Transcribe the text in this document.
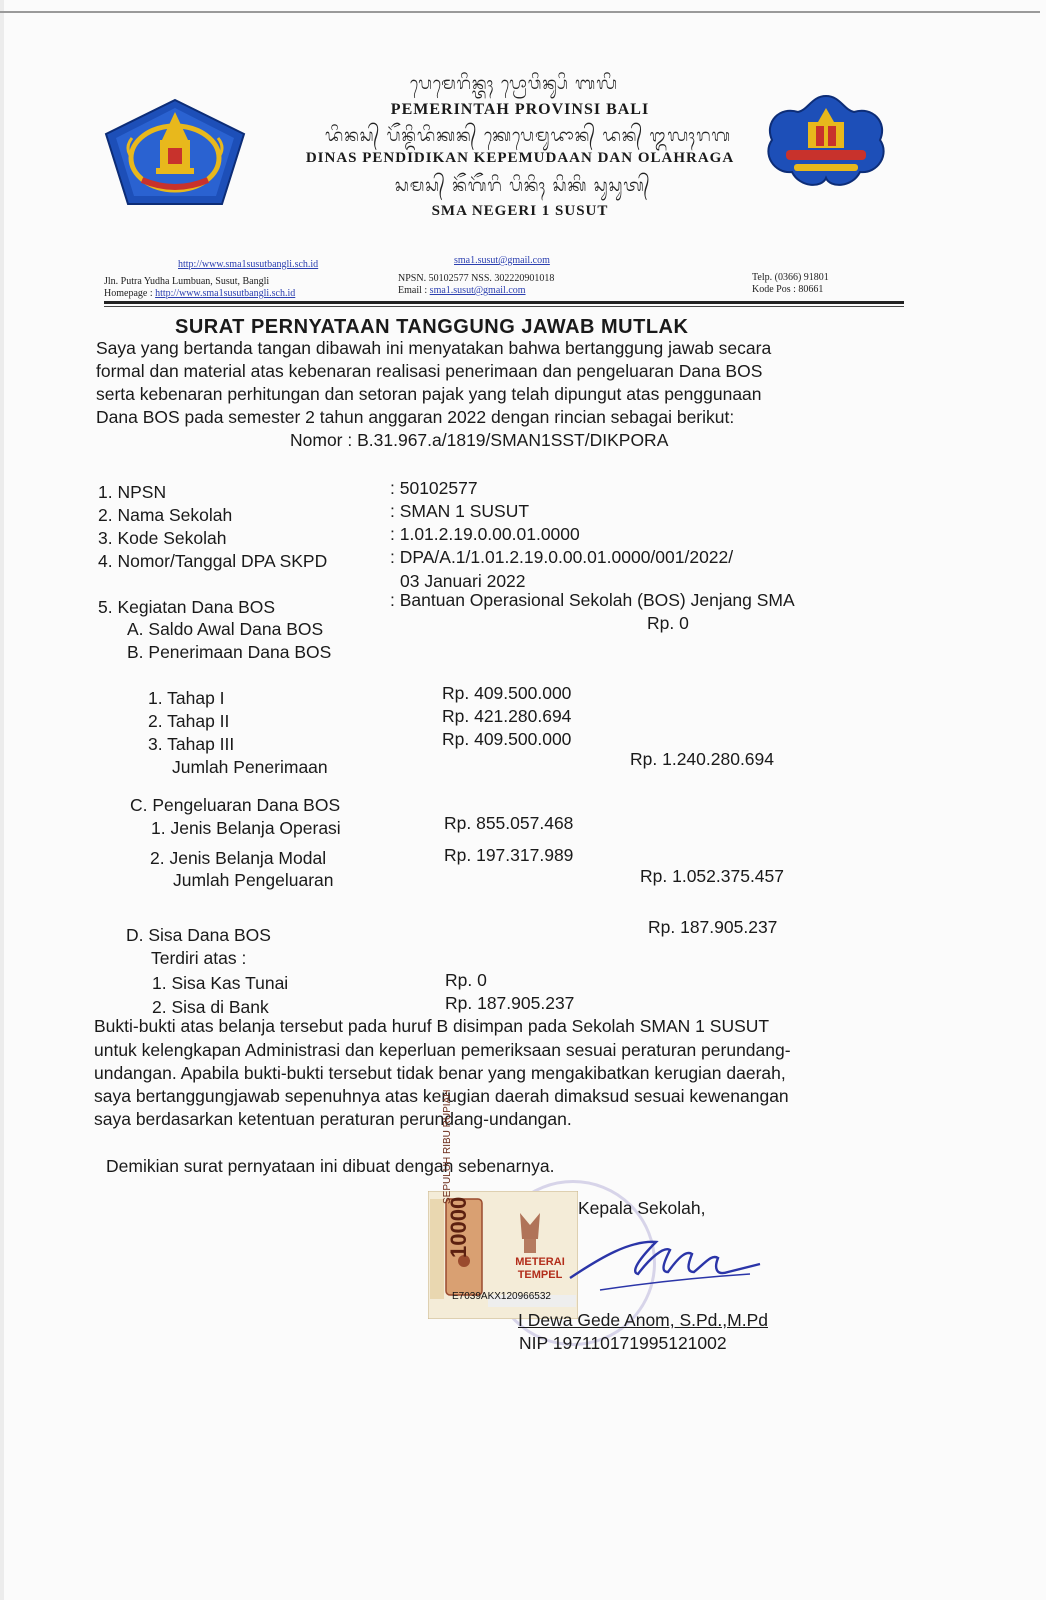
ᬧᬾᬫᬾᬭᬶᬦ᭄ᬢᬄ ᬧ᭄ᬭᭀᬯᬶᬦ᭄ᬲᬶ ᬩᬮᬶ
PEMERINTAH PROVINSI BALI
ᬤᬶᬦᬲ᭄ ᬧᭂᬦ᭄ᬤᬶᬤᬶᬓᬦ᭄ ᬓᬾᬧᬾᬫᬸᬤᬵᬦ᭄ ᬤᬦ᭄ ᬑᬮᬄᬭᬕ
DINAS PENDIDIKAN KEPEMUDAAN DAN OLAHRAGA
ᬲᬫᬲ᭄ ᬦᭂᬕᭂᬭᬶ ᬧᬶᬦᬶᬄ ᬲᬶᬓᬶ ᬲᬸᬲᬸᬢ᭄
SMA NEGERI 1 SUSUT
http://www.sma1susutbangli.sch.id
Jln. Putra Yudha Lumbuan, Susut, Bangli
Homepage : http://www.sma1susutbangli.sch.id
sma1.susut@gmail.com
NPSN. 50102577 NSS. 302220901018
Email : sma1.susut@gmail.com
Telp. (0366) 91801
Kode Pos : 80661
SURAT PERNYATAAN TANGGUNG JAWAB MUTLAK
Saya yang bertanda tangan dibawah ini menyatakan bahwa bertanggung jawab secara
formal dan material atas kebenaran realisasi penerimaan dan pengeluaran Dana BOS
serta kebenaran perhitungan dan setoran pajak yang telah dipungut atas penggunaan
Dana BOS pada semester 2 tahun anggaran 2022 dengan rincian sebagai berikut:
Nomor : B.31.967.a/1819/SMAN1SST/DIKPORA
1. NPSN	: 50102577
2. Nama Sekolah	: SMAN 1 SUSUT
3. Kode Sekolah	: 1.01.2.19.0.00.01.0000
4. Nomor/Tanggal DPA SKPD	: DPA/A.1/1.01.2.19.0.00.01.0000/001/2022/
03 Januari 2022
5. Kegiatan Dana BOS	: Bantuan Operasional Sekolah (BOS) Jenjang SMA
A. Saldo Awal Dana BOS	Rp. 0
B. Penerimaan Dana BOS
1. Tahap I	Rp. 409.500.000
2. Tahap II	Rp. 421.280.694
3. Tahap III	Rp. 409.500.000
Jumlah Penerimaan	Rp. 1.240.280.694
C. Pengeluaran Dana BOS
1. Jenis Belanja Operasi	Rp. 855.057.468
2. Jenis Belanja Modal	Rp. 197.317.989
Jumlah Pengeluaran	Rp. 1.052.375.457
D. Sisa Dana BOS	Rp. 187.905.237
Terdiri atas :
1. Sisa Kas Tunai	Rp. 0
2. Sisa di Bank	Rp. 187.905.237
Bukti-bukti atas belanja tersebut pada huruf B disimpan pada Sekolah SMAN 1 SUSUT
untuk kelengkapan Administrasi dan keperluan pemeriksaan sesuai peraturan perundang-
undangan. Apabila bukti-bukti tersebut tidak benar yang mengakibatkan kerugian daerah,
saya bertanggungjawab sepenuhnya atas kerugian daerah dimaksud sesuai kewenangan
saya berdasarkan ketentuan peraturan perundang-undangan.
Demikian surat pernyataan ini dibuat dengan sebenarnya.
SEPULUH RIBU RUPIAH
10000
METERAI TEMPEL
E7039AKX120966532
Kepala Sekolah,
I Dewa Gede Anom, S.Pd.,M.Pd
NIP 197110171995121002
